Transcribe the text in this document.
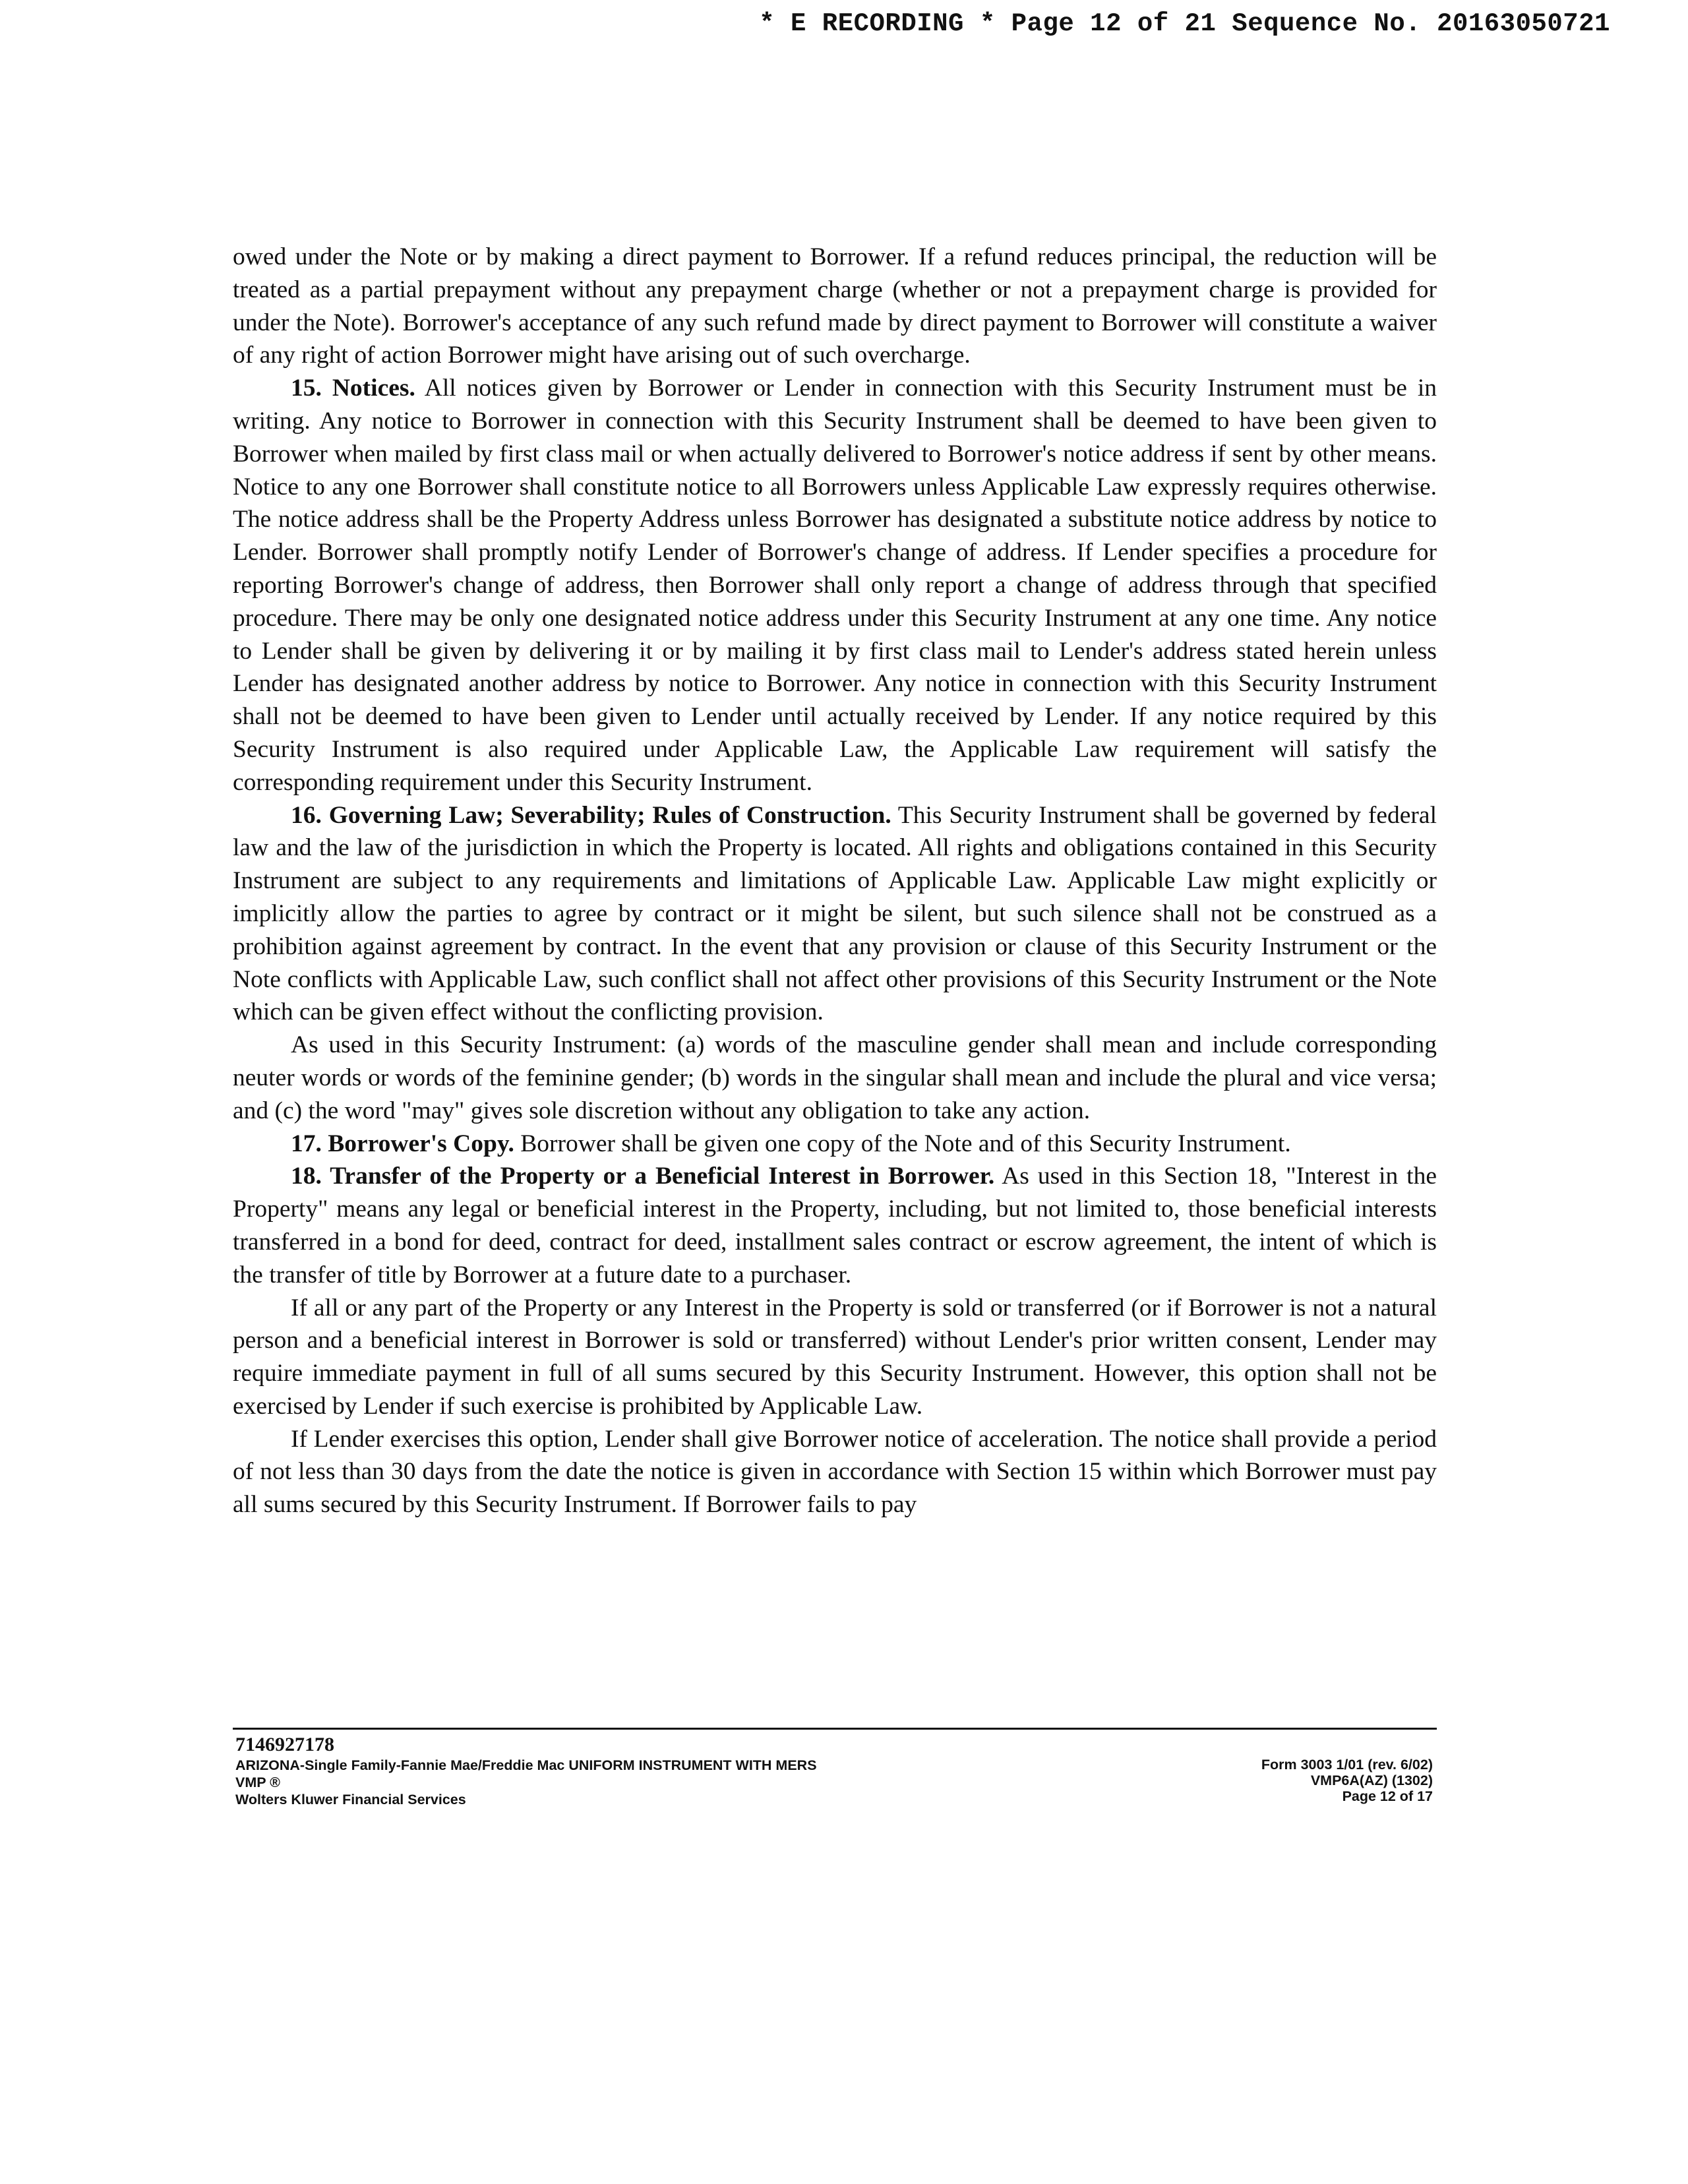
* E RECORDING * Page 12 of 21 Sequence No. 20163050721

owed under the Note or by making a direct payment to Borrower. If a refund reduces principal, the reduction will be treated as a partial prepayment without any prepayment charge (whether or not a prepayment charge is provided for under the Note). Borrower's acceptance of any such refund made by direct payment to Borrower will constitute a waiver of any right of action Borrower might have arising out of such overcharge.

15. Notices. All notices given by Borrower or Lender in connection with this Security Instrument must be in writing. Any notice to Borrower in connection with this Security Instrument shall be deemed to have been given to Borrower when mailed by first class mail or when actually delivered to Borrower's notice address if sent by other means. Notice to any one Borrower shall constitute notice to all Borrowers unless Applicable Law expressly requires otherwise. The notice address shall be the Property Address unless Borrower has designated a substitute notice address by notice to Lender. Borrower shall promptly notify Lender of Borrower's change of address. If Lender specifies a procedure for reporting Borrower's change of address, then Borrower shall only report a change of address through that specified procedure. There may be only one designated notice address under this Security Instrument at any one time. Any notice to Lender shall be given by delivering it or by mailing it by first class mail to Lender's address stated herein unless Lender has designated another address by notice to Borrower. Any notice in connection with this Security Instrument shall not be deemed to have been given to Lender until actually received by Lender. If any notice required by this Security Instrument is also required under Applicable Law, the Applicable Law requirement will satisfy the corresponding requirement under this Security Instrument.

16. Governing Law; Severability; Rules of Construction. This Security Instrument shall be governed by federal law and the law of the jurisdiction in which the Property is located. All rights and obligations contained in this Security Instrument are subject to any requirements and limitations of Applicable Law. Applicable Law might explicitly or implicitly allow the parties to agree by contract or it might be silent, but such silence shall not be construed as a prohibition against agreement by contract. In the event that any provision or clause of this Security Instrument or the Note conflicts with Applicable Law, such conflict shall not affect other provisions of this Security Instrument or the Note which can be given effect without the conflicting provision.

As used in this Security Instrument: (a) words of the masculine gender shall mean and include corresponding neuter words or words of the feminine gender; (b) words in the singular shall mean and include the plural and vice versa; and (c) the word "may" gives sole discretion without any obligation to take any action.

17. Borrower's Copy. Borrower shall be given one copy of the Note and of this Security Instrument.

18. Transfer of the Property or a Beneficial Interest in Borrower. As used in this Section 18, "Interest in the Property" means any legal or beneficial interest in the Property, including, but not limited to, those beneficial interests transferred in a bond for deed, contract for deed, installment sales contract or escrow agreement, the intent of which is the transfer of title by Borrower at a future date to a purchaser.

If all or any part of the Property or any Interest in the Property is sold or transferred (or if Borrower is not a natural person and a beneficial interest in Borrower is sold or transferred) without Lender's prior written consent, Lender may require immediate payment in full of all sums secured by this Security Instrument. However, this option shall not be exercised by Lender if such exercise is prohibited by Applicable Law.

If Lender exercises this option, Lender shall give Borrower notice of acceleration. The notice shall provide a period of not less than 30 days from the date the notice is given in accordance with Section 15 within which Borrower must pay all sums secured by this Security Instrument. If Borrower fails to pay

7146927178
ARIZONA-Single Family-Fannie Mae/Freddie Mac UNIFORM INSTRUMENT WITH MERS
VMP ®
Wolters Kluwer Financial Services
Form 3003 1/01 (rev. 6/02)
VMP6A(AZ) (1302)
Page 12 of 17
